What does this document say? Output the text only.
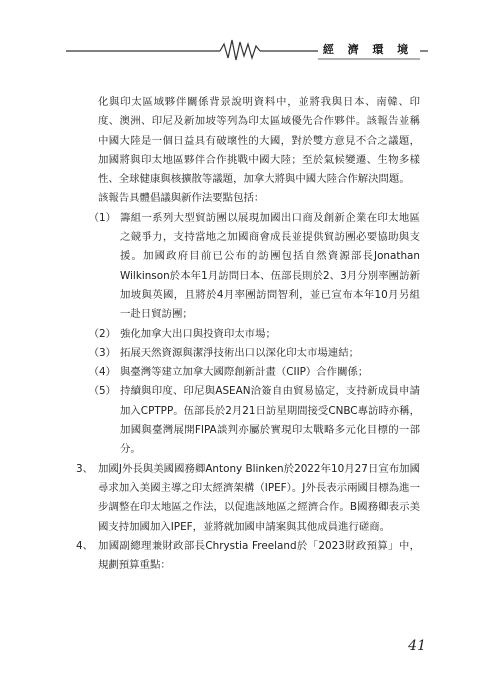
經 濟 環 境

化與印太區域夥伴關係背景說明資料中，並將我與日本、南韓、印度、澳洲、印尼及新加坡等列為印太區域優先合作夥伴。該報告並稱中國大陸是一個日益具有破壞性的大國，對於雙方意見不合之議題，加國將與印太地區夥伴合作挑戰中國大陸；至於氣候變遷、生物多樣性、全球健康與核擴散等議題，加拿大將與中國大陸合作解決問題。

該報告具體倡議與新作法要點包括：

（1） 籌組一系列大型貿訪團以展現加國出口商及創新企業在印太地區之競爭力，支持當地之加國商會成長並提供貿訪團必要協助與支援。加國政府目前已公布的訪團包括自然資源部長Jonathan Wilkinson於本年1月訪問日本、伍部長則於2、3月分別率團訪新加坡與英國，且將於4月率團訪問智利，並已宣布本年10月另組一赴日貿訪團；
（2） 強化加拿大出口與投資印太市場；
（3） 拓展天然資源與潔淨技術出口以深化印太市場連結；
（4） 與臺灣等建立加拿大國際創新計畫（CIIP）合作關係；
（5） 持續與印度、印尼與ASEAN洽簽自由貿易協定，支持新成員申請加入CPTPP。伍部長於2月21日訪星期間接受CNBC專訪時亦稱，加國與臺灣展開FIPA談判亦屬於實現印太戰略多元化目標的一部分。
3、 加國J外長與美國國務卿Antony Blinken於2022年10月27日宣布加國尋求加入美國主導之印太經濟架構（IPEF）。J外長表示兩國目標為進一步調整在印太地區之作法，以促進該地區之經濟合作。B國務卿表示美國支持加國加入IPEF，並將就加國申請案與其他成員進行磋商。
4、 加國副總理兼財政部長Chrystia Freeland於「2023財政預算」中，規劃預算重點：
41
